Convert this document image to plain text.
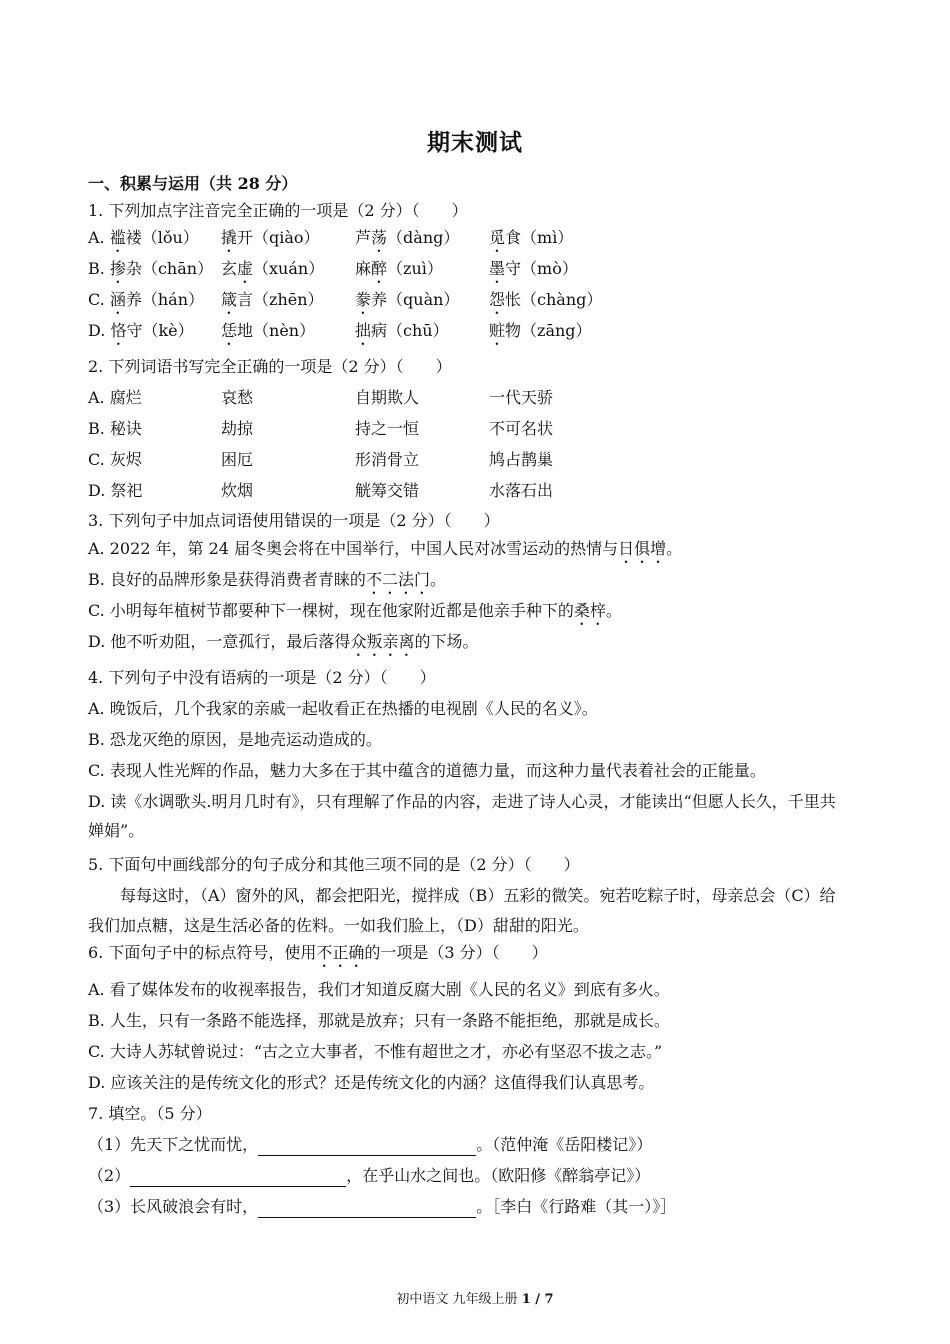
期末测试
一、积累与运用（共 28 分）
1. 下列加点字注音完全正确的一项是（2 分）（　　）
A. 褴褛（lǒu） 撬开（qiào） 芦荡（dàng） 觅食（mì）
B. 掺杂（chān） 玄虚（xuán） 麻醉（zuì）	墨守（mò）
C. 涵养（hán） 箴言（zhēn） 豢养（quàn） 怨怅（chàng）
D. 恪守（kè） 恁地（nèn） 拙病（chū）	赃物（zāng）
2. 下列词语书写完全正确的一项是（2 分）（　　）
A. 腐烂	哀愁	自期欺人	一代天骄
B. 秘诀	劫掠	持之一恒	不可名状
C. 灰烬	困厄	形消骨立	鸠占鹊巢
D. 祭祀	炊烟	觥筹交错	水落石出
3. 下列句子中加点词语使用错误的一项是（2 分）（　　）
A. 2022 年，第 24 届冬奥会将在中国举行，中国人民对冰雪运动的热情与日俱增。
B. 良好的品牌形象是获得消费者青睐的不二法门。
C. 小明每年植树节都要种下一棵树，现在他家附近都是他亲手种下的桑梓。
D. 他不听劝阻，一意孤行，最后落得众叛亲离的下场。
4. 下列句子中没有语病的一项是（2 分）（　　）
A. 晚饭后，几个我家的亲戚一起收看正在热播的电视剧《人民的名义》。
B. 恐龙灭绝的原因，是地壳运动造成的。
C. 表现人性光辉的作品，魅力大多在于其中蕴含的道德力量，而这种力量代表着社会的正能量。
D. 读《水调歌头.明月几时有》，只有理解了作品的内容，走进了诗人心灵，才能读出“但愿人长久，千里共
婵娟”。
5. 下面句中画线部分的句子成分和其他三项不同的是（2 分）（　　）
每每这时，（A）窗外的风，都会把阳光，搅拌成（B）五彩的微笑。宛若吃粽子时，母亲总会（C）给
我们加点糖，这是生活必备的佐料。一如我们脸上，（D）甜甜的阳光。
6. 下面句子中的标点符号，使用不正确的一项是（3 分）（　　）
A. 看了媒体发布的收视率报告，我们才知道反腐大剧《人民的名义》到底有多火。
B. 人生，只有一条路不能选择，那就是放弃；只有一条路不能拒绝，那就是成长。
C. 大诗人苏轼曾说过：“古之立大事者，不惟有超世之才，亦必有坚忍不拔之志。”
D. 应该关注的是传统文化的形式？还是传统文化的内涵？这值得我们认真思考。
7. 填空。（5 分）
（1）先天下之忧而忧，	。（范仲淹《岳阳楼记》）
（2）	，在乎山水之间也。（欧阳修《醉翁亭记》）
（3）长风破浪会有时，	。［李白《行路难（其一）》］
初中语文 九年级上册 1 / 7
